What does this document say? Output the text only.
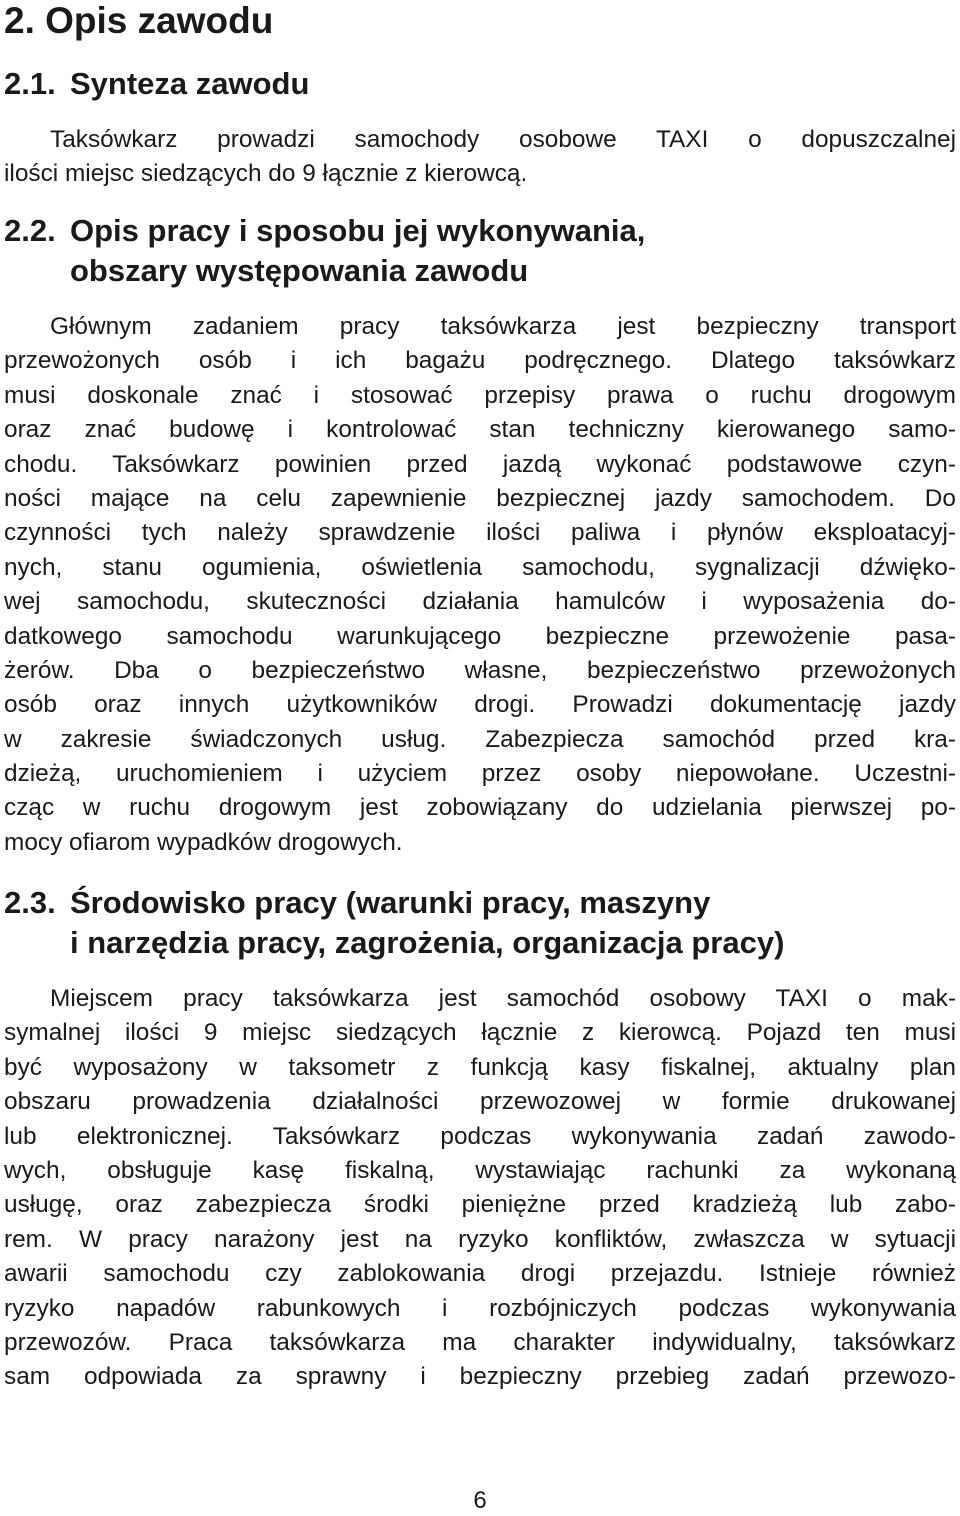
2. Opis zawodu
2.1. Synteza zawodu
Taksówkarz prowadzi samochody osobowe TAXI o dopuszczalnej
ilości miejsc siedzących do 9 łącznie z kierowcą.
2.2. Opis pracy i sposobu jej wykonywania,
obszary występowania zawodu
Głównym zadaniem pracy taksówkarza jest bezpieczny transport
przewożonych osób i ich bagażu podręcznego. Dlatego taksówkarz
musi doskonale znać i stosować przepisy prawa o ruchu drogowym
oraz znać budowę i kontrolować stan techniczny kierowanego samo-
chodu. Taksówkarz powinien przed jazdą wykonać podstawowe czyn-
ności mające na celu zapewnienie bezpiecznej jazdy samochodem. Do
czynności tych należy sprawdzenie ilości paliwa i płynów eksploatacyj-
nych, stanu ogumienia, oświetlenia samochodu, sygnalizacji dźwięko-
wej samochodu, skuteczności działania hamulców i wyposażenia do-
datkowego samochodu warunkującego bezpieczne przewożenie pasa-
żerów. Dba o bezpieczeństwo własne, bezpieczeństwo przewożonych
osób oraz innych użytkowników drogi. Prowadzi dokumentację jazdy
w zakresie świadczonych usług. Zabezpiecza samochód przed kra-
dzieżą, uruchomieniem i użyciem przez osoby niepowołane. Uczestni-
cząc w ruchu drogowym jest zobowiązany do udzielania pierwszej po-
mocy ofiarom wypadków drogowych.
2.3. Środowisko pracy (warunki pracy, maszyny
i narzędzia pracy, zagrożenia, organizacja pracy)
Miejscem pracy taksówkarza jest samochód osobowy TAXI o mak-
symalnej ilości 9 miejsc siedzących łącznie z kierowcą. Pojazd ten musi
być wyposażony w taksometr z funkcją kasy fiskalnej, aktualny plan
obszaru prowadzenia działalności przewozowej w formie drukowanej
lub elektronicznej. Taksówkarz podczas wykonywania zadań zawodo-
wych, obsługuje kasę fiskalną, wystawiając rachunki za wykonaną
usługę, oraz zabezpiecza środki pieniężne przed kradzieżą lub zabo-
rem. W pracy narażony jest na ryzyko konfliktów, zwłaszcza w sytuacji
awarii samochodu czy zablokowania drogi przejazdu. Istnieje również
ryzyko napadów rabunkowych i rozbójniczych podczas wykonywania
przewozów. Praca taksówkarza ma charakter indywidualny, taksówkarz
sam odpowiada za sprawny i bezpieczny przebieg zadań przewozo-
6
